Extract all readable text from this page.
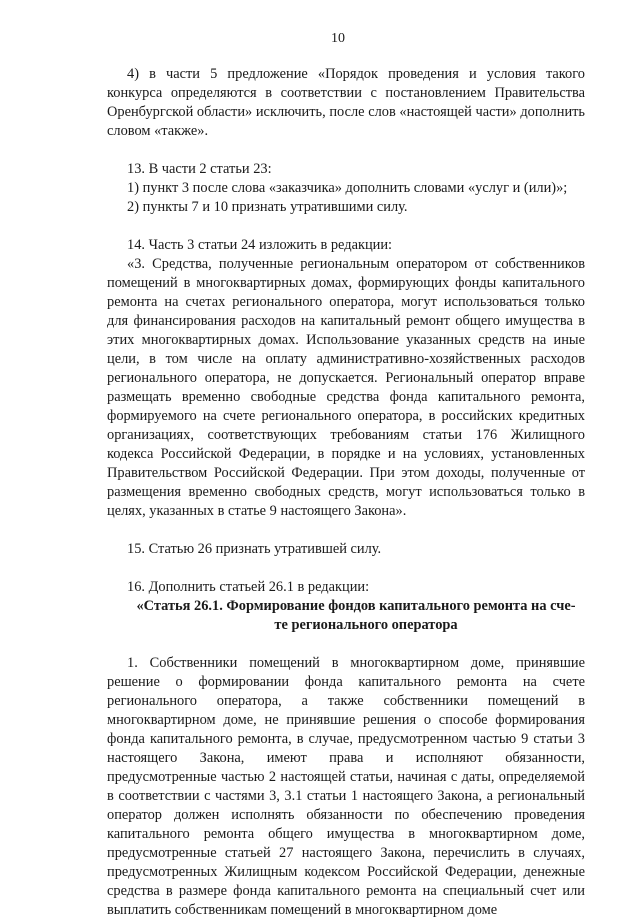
10

4) в части 5 предложение «Порядок проведения и условия такого конкурса определяются в соответствии с постановлением Правительства Оренбургской области» исключить, после слов «настоящей части» дополнить словом «также».

13. В части 2 статьи 23:

1) пункт 3 после слова «заказчика» дополнить словами «услуг и (или)»;

2) пункты 7 и 10 признать утратившими силу.

14. Часть 3 статьи 24 изложить в редакции:

«3. Средства, полученные региональным оператором от собственников помещений в многоквартирных домах, формирующих фонды капитального ремонта на счетах регионального оператора, могут использоваться только для финансирования расходов на капитальный ремонт общего имущества в этих многоквартирных домах. Использование указанных средств на иные цели, в том числе на оплату административно-хозяйственных расходов регионального оператора, не допускается. Региональный оператор вправе размещать временно свободные средства фонда капитального ремонта, формируемого на счете регионального оператора, в российских кредитных организациях, соответствующих требованиям статьи 176 Жилищного кодекса Российской Федерации, в порядке и на условиях, установленных Правительством Российской Федерации. При этом доходы, полученные от размещения временно свободных средств, могут использоваться только в целях, указанных в статье 9 настоящего Закона».

15. Статью 26 признать утратившей силу.

16. Дополнить статьей 26.1 в редакции:

«Статья 26.1. Формирование фондов капитального ремонта на сче-
те регионального оператора

1. Собственники помещений в многоквартирном доме, принявшие решение о формировании фонда капитального ремонта на счете регионального оператора, а также собственники помещений в многоквартирном доме, не принявшие решения о способе формирования фонда капитального ремонта, в случае, предусмотренном частью 9 статьи 3 настоящего Закона, имеют права и исполняют обязанности, предусмотренные частью 2 настоящей статьи, начиная с даты, определяемой в соответствии с частями 3, 3.1 статьи 1 настоящего Закона, а региональный оператор должен исполнять обязанности по обеспечению проведения капитального ремонта общего имущества в многоквартирном доме, предусмотренные статьей 27 настоящего Закона, перечислить в случаях, предусмотренных Жилищным кодексом Российской Федерации, денежные средства в размере фонда капитального ремонта на специальный счет или выплатить собственникам помещений в многоквартирном доме
